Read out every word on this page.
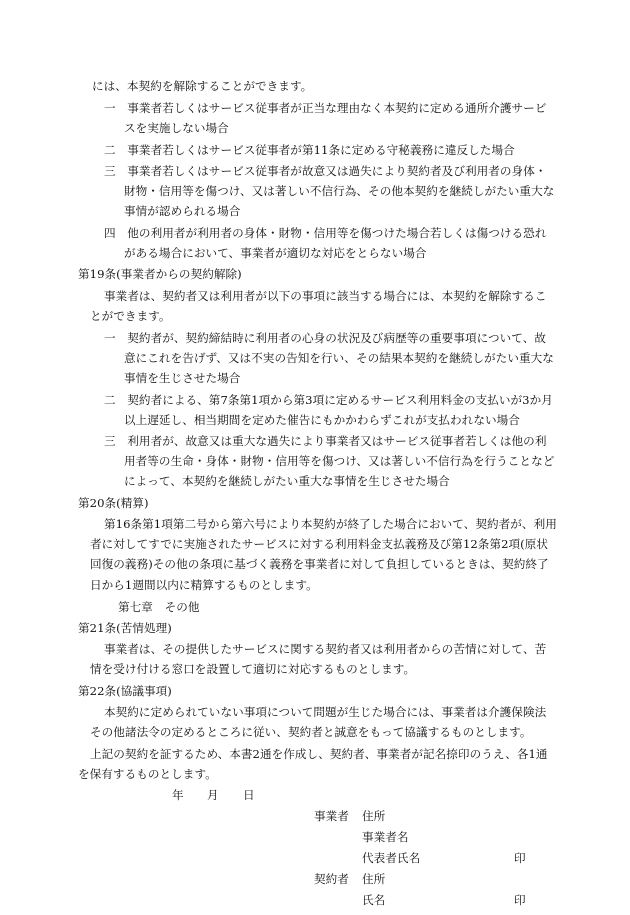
には、本契約を解除することができます。
一　事業者若しくはサービス従事者が正当な理由なく本契約に定める通所介護サービ
スを実施しない場合
二　事業者若しくはサービス従事者が第11条に定める守秘義務に違反した場合
三　事業者若しくはサービス従事者が故意又は過失により契約者及び利用者の身体・
財物・信用等を傷つけ、又は著しい不信行為、その他本契約を継続しがたい重大な
事情が認められる場合
四　他の利用者が利用者の身体・財物・信用等を傷つけた場合若しくは傷つける恐れ
がある場合において、事業者が適切な対応をとらない場合
第19条(事業者からの契約解除)
事業者は、契約者又は利用者が以下の事項に該当する場合には、本契約を解除するこ
とができます。
一　契約者が、契約締結時に利用者の心身の状況及び病歴等の重要事項について、故
意にこれを告げず、又は不実の告知を行い、その結果本契約を継続しがたい重大な
事情を生じさせた場合
二　契約者による、第7条第1項から第3項に定めるサービス利用料金の支払いが3か月
以上遅延し、相当期間を定めた催告にもかかわらずこれが支払われない場合
三　利用者が、故意又は重大な過失により事業者又はサービス従事者若しくは他の利
用者等の生命・身体・財物・信用等を傷つけ、又は著しい不信行為を行うことなど
によって、本契約を継続しがたい重大な事情を生じさせた場合
第20条(精算)
第16条第1項第二号から第六号により本契約が終了した場合において、契約者が、利用
者に対してすでに実施されたサービスに対する利用料金支払義務及び第12条第2項(原状
回復の義務)その他の条項に基づく義務を事業者に対して負担しているときは、契約終了
日から1週間以内に精算するものとします。
第七章　その他
第21条(苦情処理)
事業者は、その提供したサービスに関する契約者又は利用者からの苦情に対して、苦
情を受け付ける窓口を設置して適切に対応するものとします。
第22条(協議事項)
本契約に定められていない事項について問題が生じた場合には、事業者は介護保険法
その他諸法令の定めるところに従い、契約者と誠意をもって協議するものとします。
上記の契約を証するため、本書2通を作成し、契約者、事業者が記名捺印のうえ、各1通
を保有するものとします。
年 月 日
事業者 住所
事業者名
代表者氏名	印
契約者 住所
氏名	印
